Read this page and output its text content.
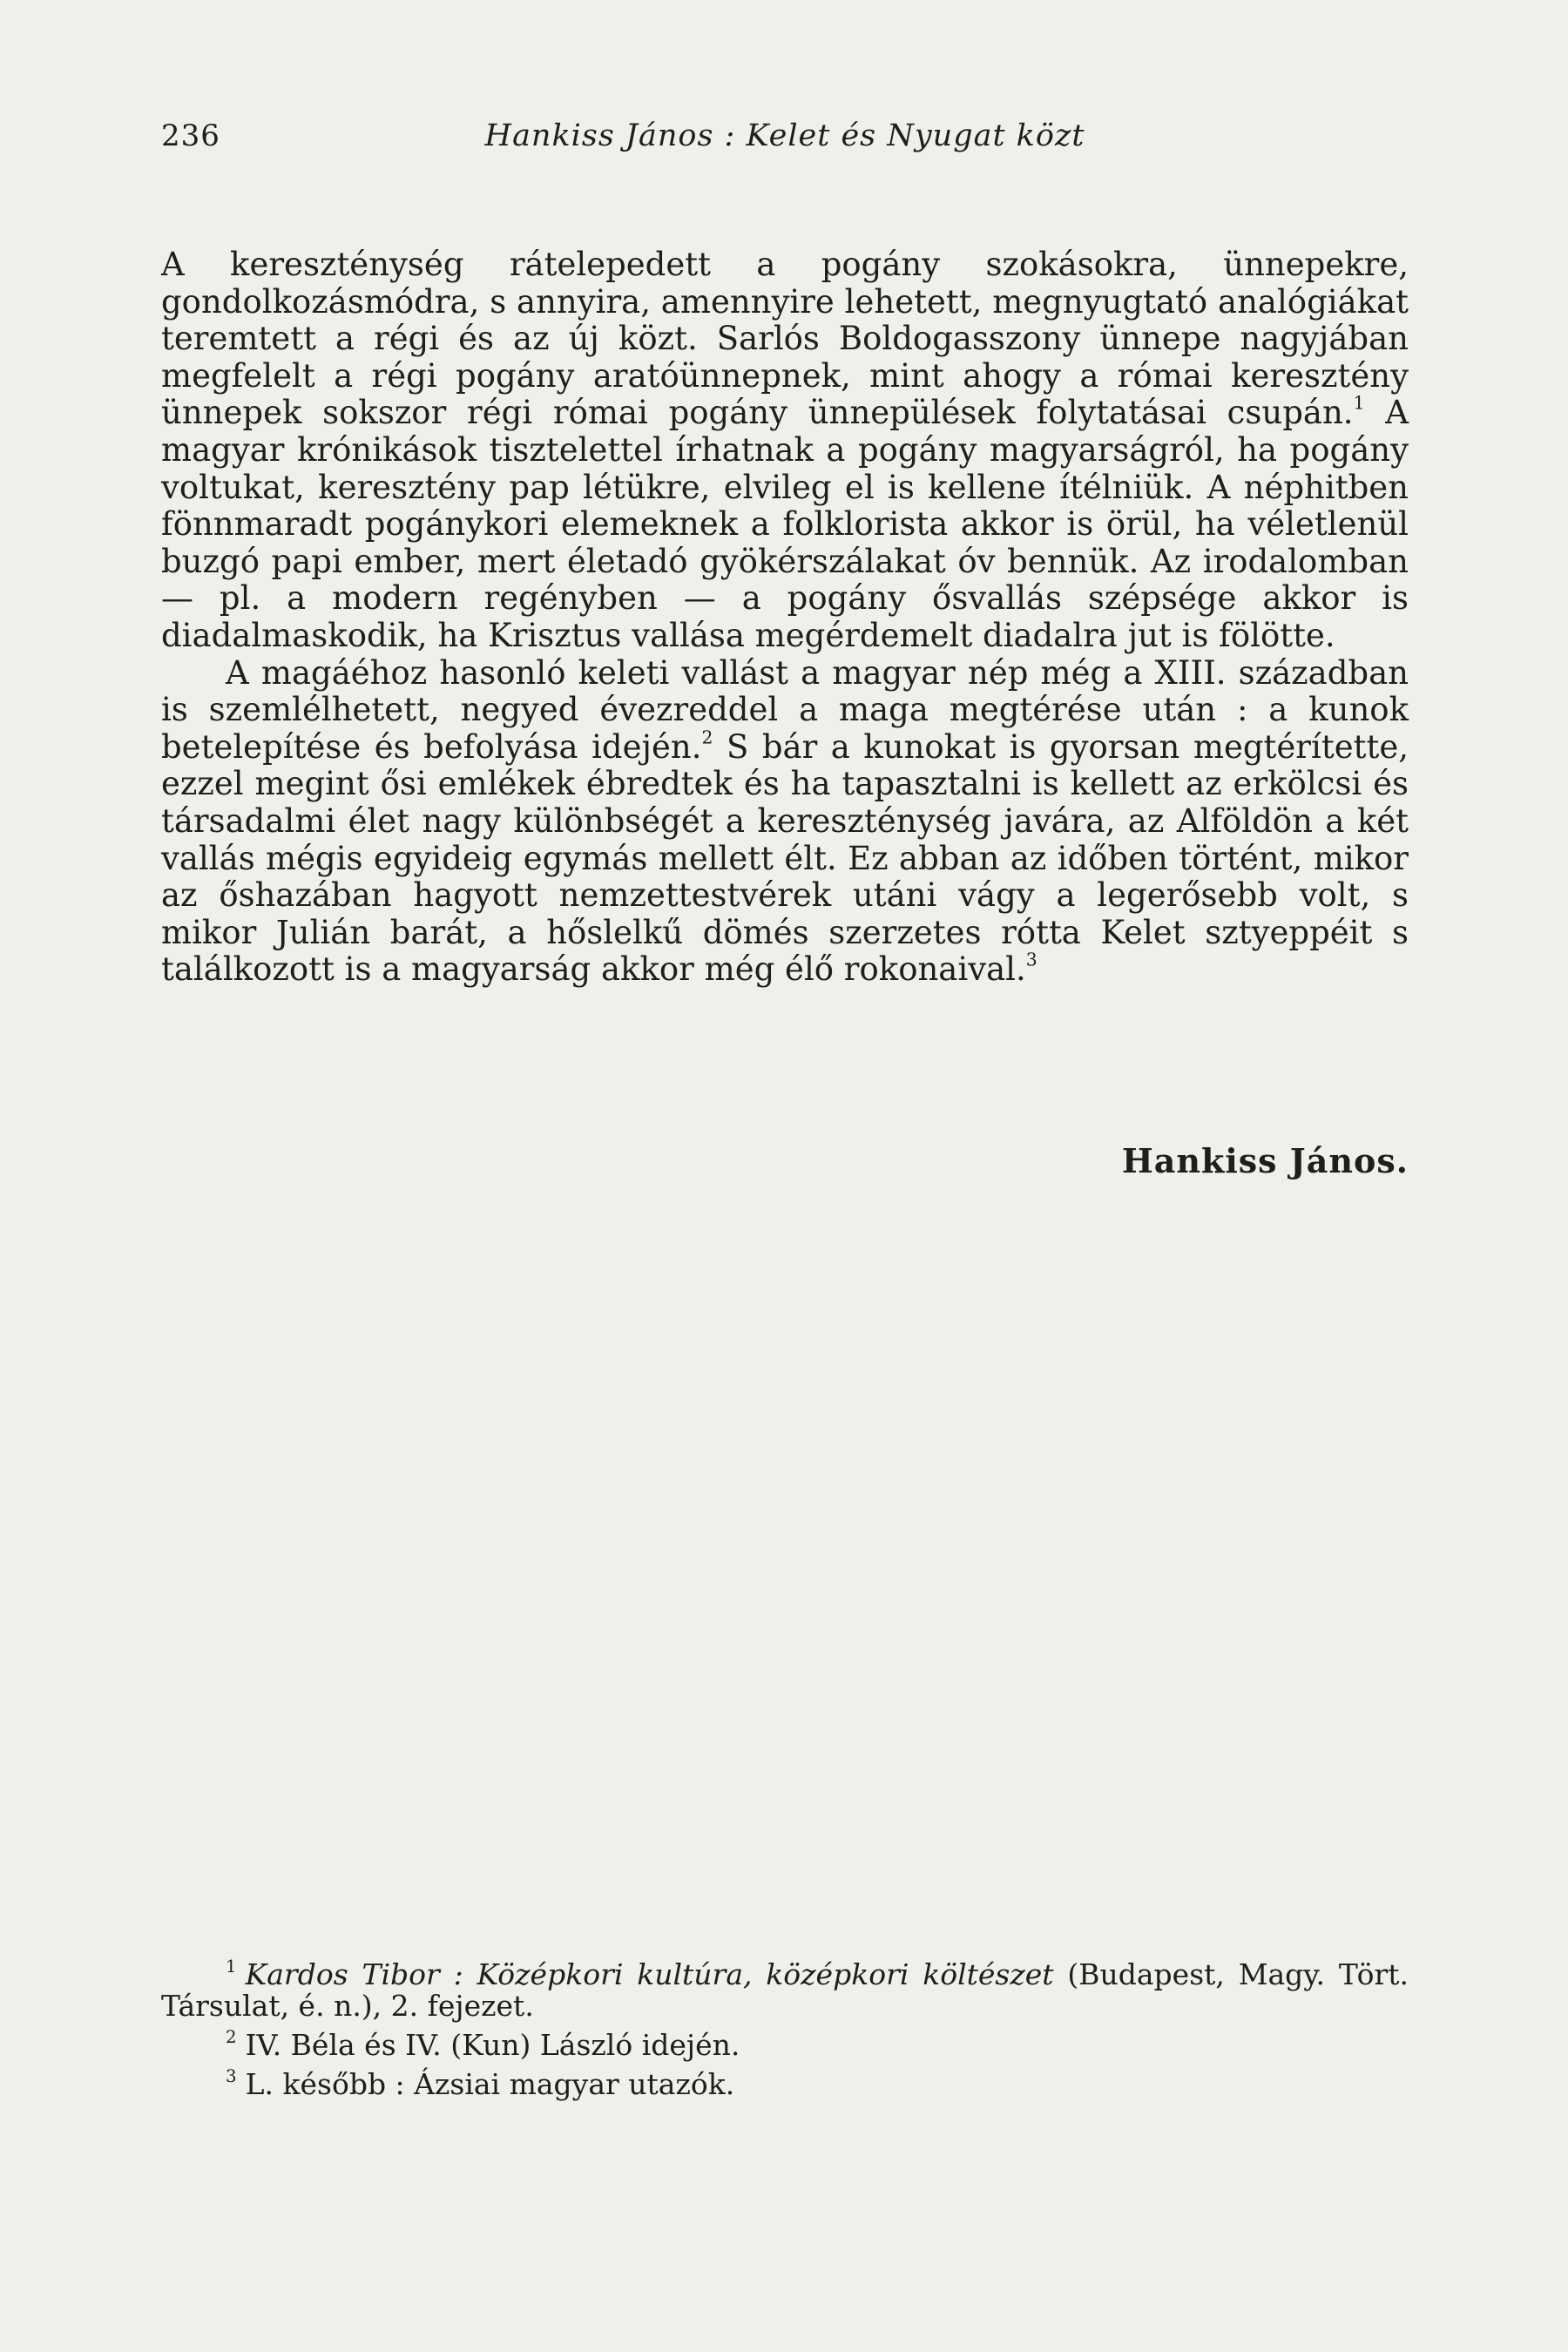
236	Hankiss János : Kelet és Nyugat közt

A kereszténység rátelepedett a pogány szokásokra, ünnepekre, gondolkozásmódra, s annyira, amennyire lehetett, megnyugtató analógiákat teremtett a régi és az új közt. Sarlós Boldogasszony ünnepe nagyjában megfelelt a régi pogány aratóünnepnek, mint ahogy a római keresztény ünnepek sokszor régi római pogány ünnepülések folytatásai csupán.$^1$ A magyar krónikások tisztelettel írhatnak a pogány magyarságról, ha pogány voltukat, keresztény pap létükre, elvileg el is kellene ítélniük. A néphitben fönnmaradt pogánykori elemeknek a folklorista akkor is örül, ha véletlenül buzgó papi ember, mert életadó gyökérszálakat óv bennük. Az irodalomban — pl. a modern regényben — a pogány ősvallás szépsége akkor is diadalmaskodik, ha Krisztus vallása megérdemelt diadalra jut is fölötte.

A magáéhoz hasonló keleti vallást a magyar nép még a XIII. században is szemlélhetett, negyed évezreddel a maga megtérése után : a kunok betelepítése és befolyása idején.$^2$ S bár a kunokat is gyorsan megtérítette, ezzel megint ősi emlékek ébredtek és ha tapasztalni is kellett az erkölcsi és társadalmi élet nagy különbségét a kereszténység javára, az Alföldön a két vallás mégis egyideig egymás mellett élt. Ez abban az időben történt, mikor az őshazában hagyott nemzettestvérek utáni vágy a legerősebb volt, s mikor Julián barát, a hőslelkű dömés szerzetes rótta Kelet sztyeppéit s találkozott is a magyarság akkor még élő rokonaival.$^3$

Hankiss János.

$^1$ Kardos Tibor : Középkori kultúra, középkori költészet (Budapest, Magy. Tört. Társulat, é. n.), 2. fejezet.

$^2$ IV. Béla és IV. (Kun) László idején.

$^3$ L. később : Ázsiai magyar utazók.
